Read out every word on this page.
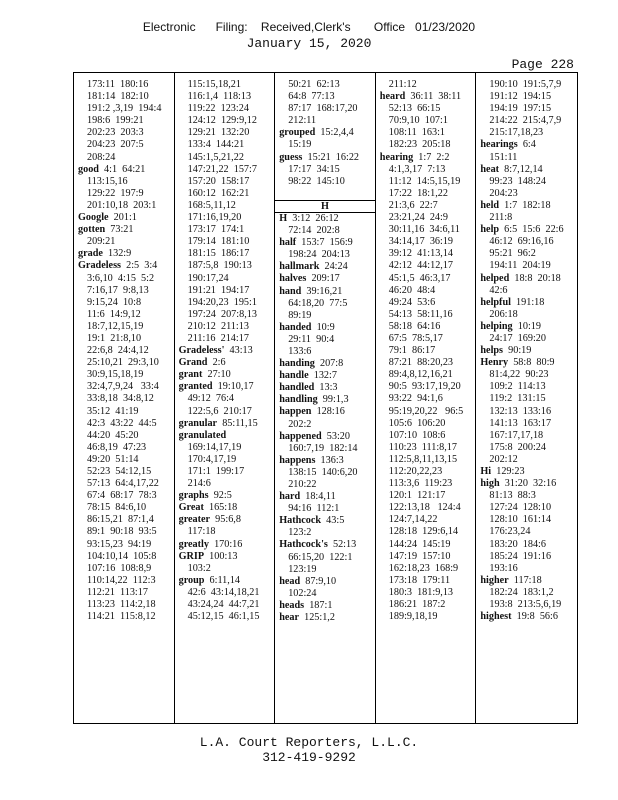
Electronic      Filing:    Received,Clerk's       Office   01/23/2020
January 15, 2020
Page 228
173:11  180:16
181:14  182:10
191:2 ,3,19  194:4
198:6  199:21
202:23  203:3
204:23  207:5
208:24
good 4:1  64:21
113:15,16
129:22  197:9
201:10,18  203:1
Google 201:1
gotten 73:21
209:21
grade 132:9
Gradeless 2:5  3:4
3:6,10  4:15  5:2
7:16,17  9:8,13
9:15,24  10:8
11:6  14:9,12
18:7,12,15,19
19:1  21:8,10
22:6,8  24:4,12
25:10,21  29:3,10
30:9,15,18,19
32:4,7,9,24   33:4
33:8,18  34:8,12
35:12  41:19
42:3  43:22  44:5
44:20  45:20
46:8,19  47:23
49:20  51:14
52:23  54:12,15
57:13  64:4,17,22
67:4  68:17  78:3
78:15  84:6,10
86:15,21  87:1,4
89:1  90:18  93:5
93:15,23  94:19
104:10,14  105:8
107:16  108:8,9
110:14,22  112:3
112:21  113:17
113:23  114:2,18
114:21  115:8,12
115:15,18,21
116:1,4  118:13
119:22  123:24
124:12  129:9,12
129:21  132:20
133:4  144:21
145:1,5,21,22
147:21,22  157:7
157:20  158:17
160:12  162:21
168:5,11,12
171:16,19,20
173:17  174:1
179:14  181:10
181:15  186:17
187:5,8  190:13
190:17,24
191:21  194:17
194:20,23  195:1
197:24  207:8,13
210:12  211:13
211:16  214:17
Gradeless' 43:13
Grand 2:6
grant 27:10
granted 19:10,17
49:12  76:4
122:5,6  210:17
granular 85:11,15
granulated
169:14,17,19
170:4,17,19
171:1  199:17
214:6
graphs 92:5
Great 165:18
greater 95:6,8
117:18
greatly 170:16
GRIP 100:13
103:2
group 6:11,14
42:6  43:14,18,21
43:24,24  44:7,21
45:12,15  46:1,15
50:21  62:13
64:8  77:13
87:17  168:17,20
212:11
grouped 15:2,4,4
15:19
guess 15:21  16:22
17:17  34:15
98:22  145:10
H
H 3:12  26:12
72:14  202:8
half 153:7  156:9
198:24  204:13
hallmark 24:24
halves 209:17
hand 39:16,21
64:18,20  77:5
89:19
handed 10:9
29:11  90:4
133:6
handing 207:8
handle 132:7
handled 13:3
handling 99:1,3
happen 128:16
202:2
happened 53:20
160:7,19  182:14
happens 136:3
138:15  140:6,20
210:22
hard 18:4,11
94:16  112:1
Hathcock 43:5
123:2
Hathcock's 52:13
66:15,20  122:1
123:19
head 87:9,10
102:24
heads 187:1
hear 125:1,2
211:12
heard 36:11  38:11
52:13  66:15
70:9,10  107:1
108:11  163:1
182:23  205:18
hearing 1:7  2:2
4:1,3,17  7:13
11:12  14:5,15,19
17:22  18:1,22
21:3,6  22:7
23:21,24  24:9
30:11,16  34:6,11
34:14,17  36:19
39:12  41:13,14
42:12  44:12,17
45:1,5  46:3,17
46:20  48:4
49:24  53:6
54:13  58:11,16
58:18  64:16
67:5  78:5,17
79:1  86:17
87:21  88:20,23
89:4,8,12,16,21
90:5  93:17,19,20
93:22  94:1,6
95:19,20,22   96:5
105:6  106:20
107:10  108:6
110:23  111:8,17
112:5,8,11,13,15
112:20,22,23
113:3,6  119:23
120:1  121:17
122:13,18   124:4
124:7,14,22
128:18  129:6,14
144:24  145:19
147:19  157:10
162:18,23  168:9
173:18  179:11
180:3  181:9,13
186:21  187:2
189:9,18,19
190:10  191:5,7,9
191:12  194:15
194:19  197:15
214:22  215:4,7,9
215:17,18,23
hearings 6:4
151:11
heat 8:7,12,14
99:23  148:24
204:23
held 1:7  182:18
211:8
help 6:5  15:6  22:6
46:12  69:16,16
95:21  96:2
194:11  204:19
helped 18:8  20:18
42:6
helpful 191:18
206:18
helping 10:19
24:17  169:20
helps 90:19
Henry 58:8  80:9
81:4,22  90:23
109:2  114:13
119:2  131:15
132:13  133:16
141:13  163:17
167:17,17,18
175:8  200:24
202:12
Hi 129:23
high 31:20  32:16
81:13  88:3
127:24  128:10
128:10  161:14
176:23,24
183:20  184:6
185:24  191:16
193:16
higher 117:18
182:24  183:1,2
193:8  213:5,6,19
highest 19:8  56:6
L.A. Court Reporters, L.L.C.
312-419-9292
